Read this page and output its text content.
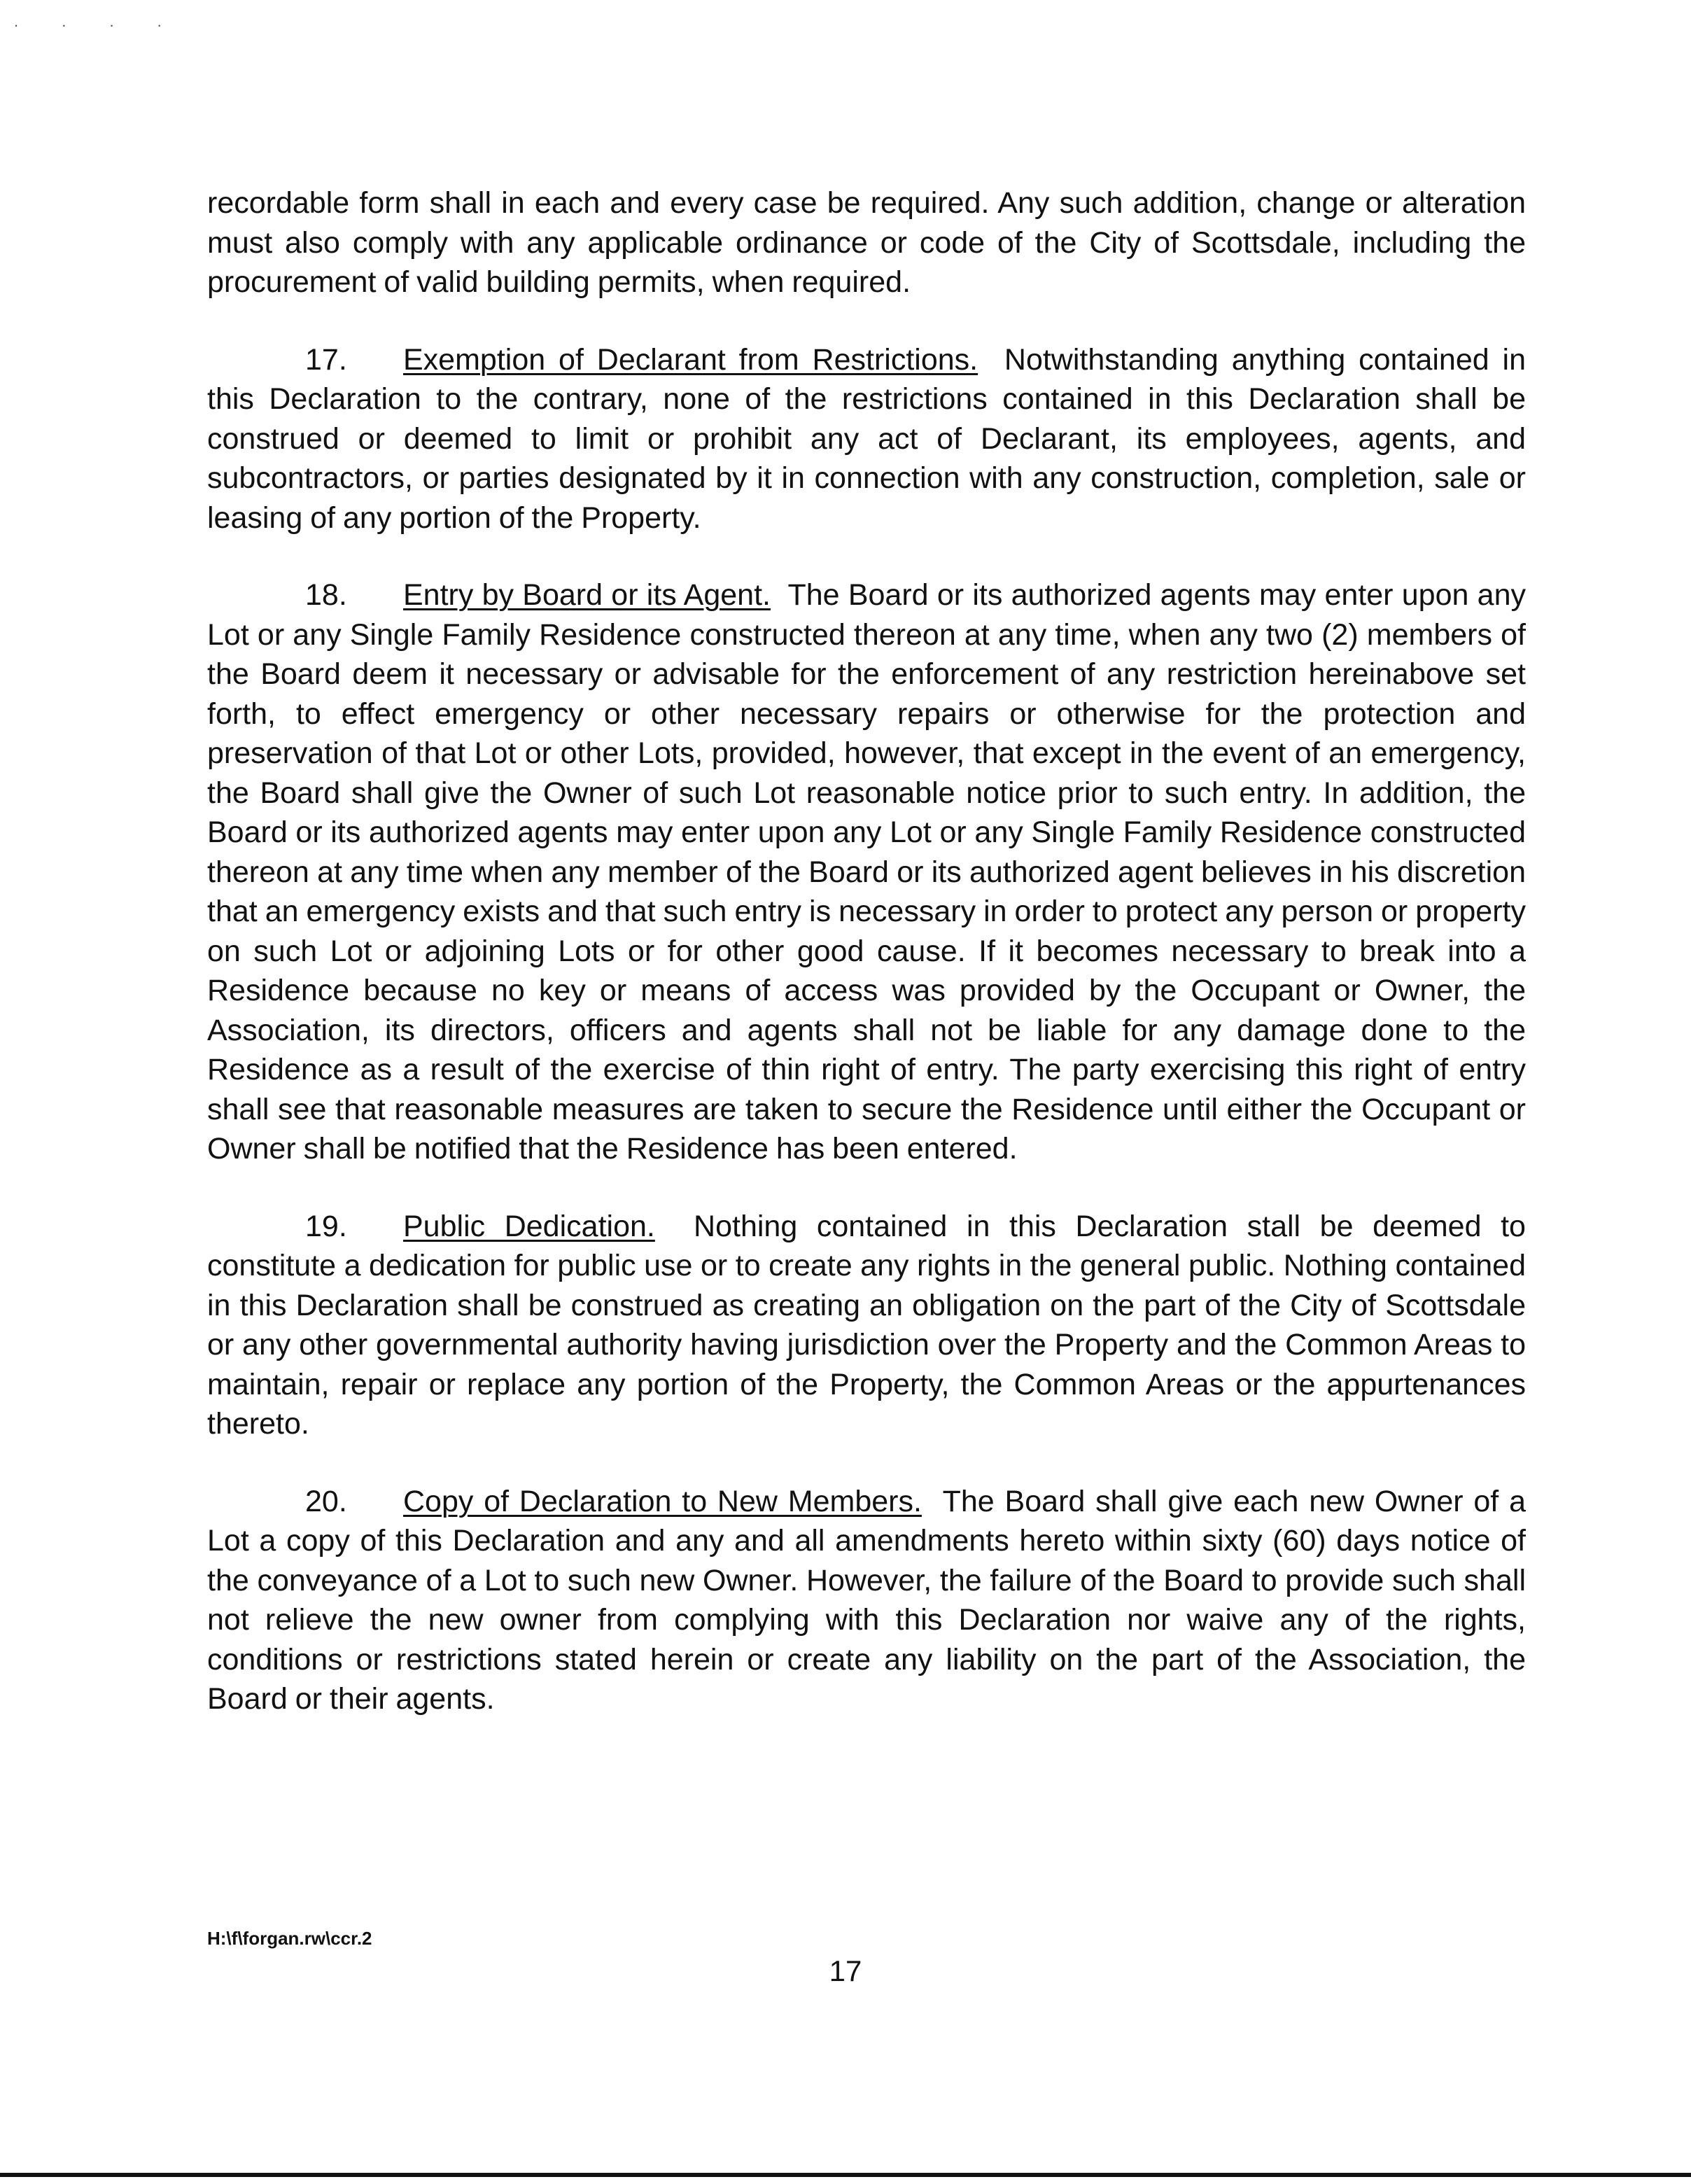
. . . .

recordable form shall in each and every case be required. Any such addition, change or alteration must also comply with any applicable ordinance or code of the City of Scottsdale, including the procurement of valid building permits, when required.

17. Exemption of Declarant from Restrictions. Notwithstanding anything contained in this Declaration to the contrary, none of the restrictions contained in this Declaration shall be construed or deemed to limit or prohibit any act of Declarant, its employees, agents, and subcontractors, or parties designated by it in connection with any construction, completion, sale or leasing of any portion of the Property.

18. Entry by Board or its Agent. The Board or its authorized agents may enter upon any Lot or any Single Family Residence constructed thereon at any time, when any two (2) members of the Board deem it necessary or advisable for the enforcement of any restriction hereinabove set forth, to effect emergency or other necessary repairs or otherwise for the protection and preservation of that Lot or other Lots, provided, however, that except in the event of an emergency, the Board shall give the Owner of such Lot reasonable notice prior to such entry. In addition, the Board or its authorized agents may enter upon any Lot or any Single Family Residence constructed thereon at any time when any member of the Board or its authorized agent believes in his discretion that an emergency exists and that such entry is necessary in order to protect any person or property on such Lot or adjoining Lots or for other good cause. If it becomes necessary to break into a Residence because no key or means of access was provided by the Occupant or Owner, the Association, its directors, officers and agents shall not be liable for any damage done to the Residence as a result of the exercise of thin right of entry. The party exercising this right of entry shall see that reasonable measures are taken to secure the Residence until either the Occupant or Owner shall be notified that the Residence has been entered.

19. Public Dedication. Nothing contained in this Declaration stall be deemed to constitute a dedication for public use or to create any rights in the general public. Nothing contained in this Declaration shall be construed as creating an obligation on the part of the City of Scottsdale or any other governmental authority having jurisdiction over the Property and the Common Areas to maintain, repair or replace any portion of the Property, the Common Areas or the appurtenances thereto.

20. Copy of Declaration to New Members. The Board shall give each new Owner of a Lot a copy of this Declaration and any and all amendments hereto within sixty (60) days notice of the conveyance of a Lot to such new Owner. However, the failure of the Board to provide such shall not relieve the new owner from complying with this Declaration nor waive any of the rights, conditions or restrictions stated herein or create any liability on the part of the Association, the Board or their agents.

H:\f\forgan.rw\ccr.2
17
